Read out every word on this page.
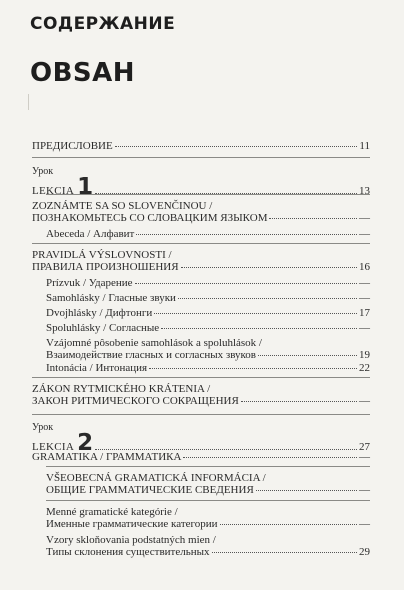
СОДЕРЖАНИЕ
OBSAH
ПРЕДИСЛОВИЕ	11
Урок
LEKCIA 1	13
ZOZNÁMTE SA SO SLOVENČINOU /
ПОЗНАКОМЬТЕСЬ СО СЛОВАЦКИМ ЯЗЫКОМ	—
Abeceda / Алфавит	—
PRAVIDLÁ VÝSLOVNOSTI /
ПРАВИЛА ПРОИЗНОШЕНИЯ	16
Prízvuk / Ударение	—
Samohlásky / Гласные звуки	—
Dvojhlásky / Дифтонги	17
Spoluhlásky / Согласные	—
Vzájomné pôsobenie samohlások a spoluhlások /
Взаимодействие гласных и согласных звуков	19
Intonácia / Интонация	22
ZÁKON RYTMICKÉHO KRÁTENIA /
ЗАКОН РИТМИЧЕСКОГО СОКРАЩЕНИЯ	—
Урок
LEKCIA 2	27
GRAMATIKA / ГРАММАТИКА	—
VŠEOBECNÁ GRAMATICKÁ INFORMÁCIA /
ОБЩИЕ ГРАММАТИЧЕСКИЕ СВЕДЕНИЯ	—
Menné gramatické kategórie /
Именные грамматические категории	—
Vzory skloňovania podstatných mien /
Типы склонения существительных	29
